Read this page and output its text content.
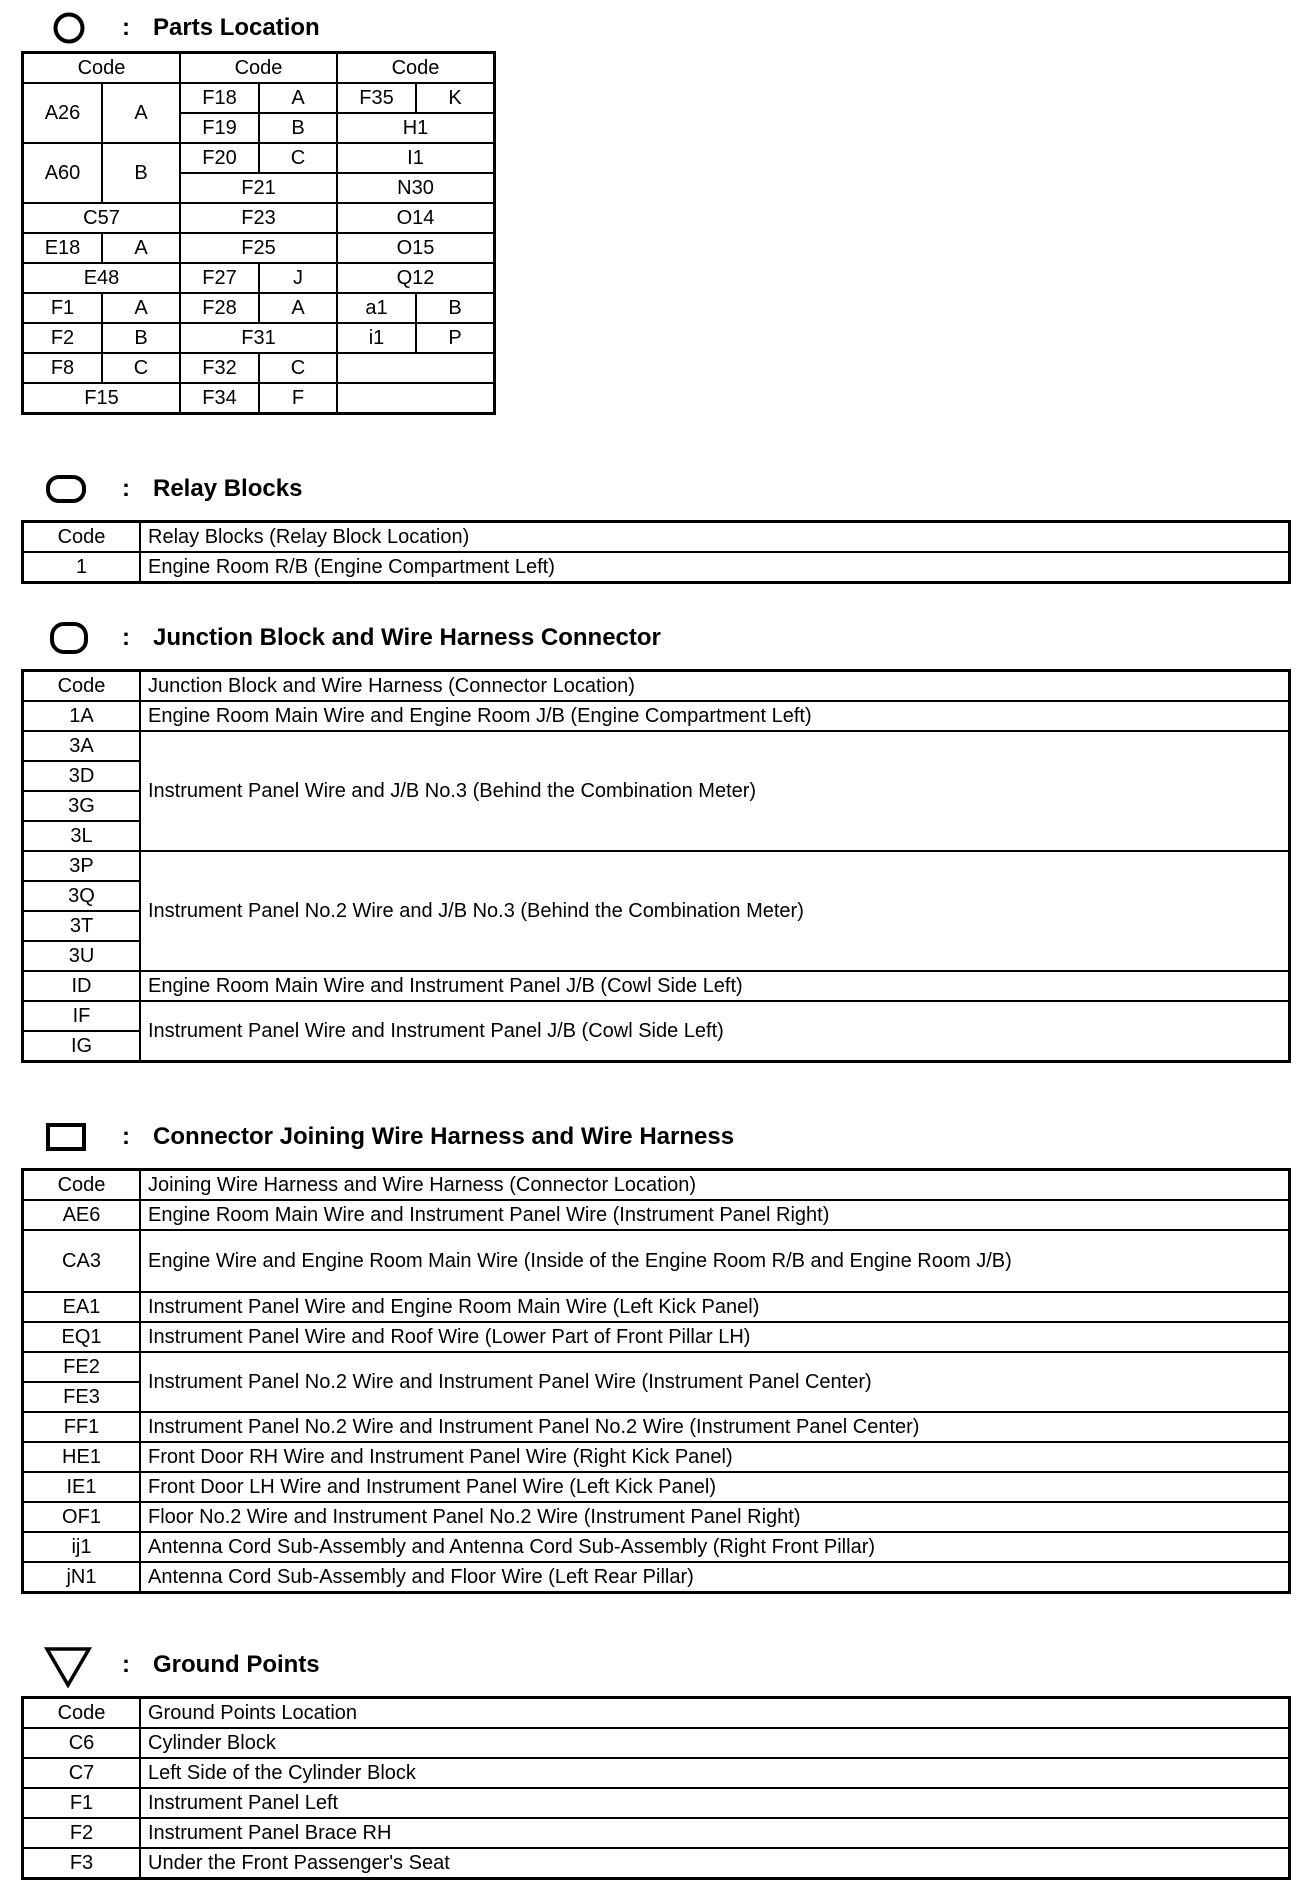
: Parts Location
Code		Code		Code	
A26	A	F18	A	F35	K
		F19	B	H1	
A60	B	F20	C	I1	
		F21		N30	
C57		F23		O14	
E18	A	F25		O15	
E48		F27	J	Q12	
F1	A	F28	A	a1	B
F2	B	F31		i1	P
F8	C	F32	C		
F15		F34	F		
: Relay Blocks
Code	Relay Blocks (Relay Block Location)
1	Engine Room R/B (Engine Compartment Left)
: Junction Block and Wire Harness Connector
Code	Junction Block and Wire Harness (Connector Location)
1A	Engine Room Main Wire and Engine Room J/B (Engine Compartment Left)
3A	Instrument Panel Wire and J/B No.3 (Behind the Combination Meter)
3D	
3G	
3L	
3P	Instrument Panel No.2 Wire and J/B No.3 (Behind the Combination Meter)
3Q	
3T	
3U	
ID	Engine Room Main Wire and Instrument Panel J/B (Cowl Side Left)
IF	Instrument Panel Wire and Instrument Panel J/B (Cowl Side Left)
IG	
: Connector Joining Wire Harness and Wire Harness
Code	Joining Wire Harness and Wire Harness (Connector Location)
AE6	Engine Room Main Wire and Instrument Panel Wire (Instrument Panel Right)
CA3	Engine Wire and Engine Room Main Wire (Inside of the Engine Room R/B and Engine Room J/B)
EA1	Instrument Panel Wire and Engine Room Main Wire (Left Kick Panel)
EQ1	Instrument Panel Wire and Roof Wire (Lower Part of Front Pillar LH)
FE2	Instrument Panel No.2 Wire and Instrument Panel Wire (Instrument Panel Center)
FE3	
FF1	Instrument Panel No.2 Wire and Instrument Panel No.2 Wire (Instrument Panel Center)
HE1	Front Door RH Wire and Instrument Panel Wire (Right Kick Panel)
IE1	Front Door LH Wire and Instrument Panel Wire (Left Kick Panel)
OF1	Floor No.2 Wire and Instrument Panel No.2 Wire (Instrument Panel Right)
ij1	Antenna Cord Sub-Assembly and Antenna Cord Sub-Assembly (Right Front Pillar)
jN1	Antenna Cord Sub-Assembly and Floor Wire (Left Rear Pillar)
: Ground Points
Code	Ground Points Location
C6	Cylinder Block
C7	Left Side of the Cylinder Block
F1	Instrument Panel Left
F2	Instrument Panel Brace RH
F3	Under the Front Passenger's Seat
